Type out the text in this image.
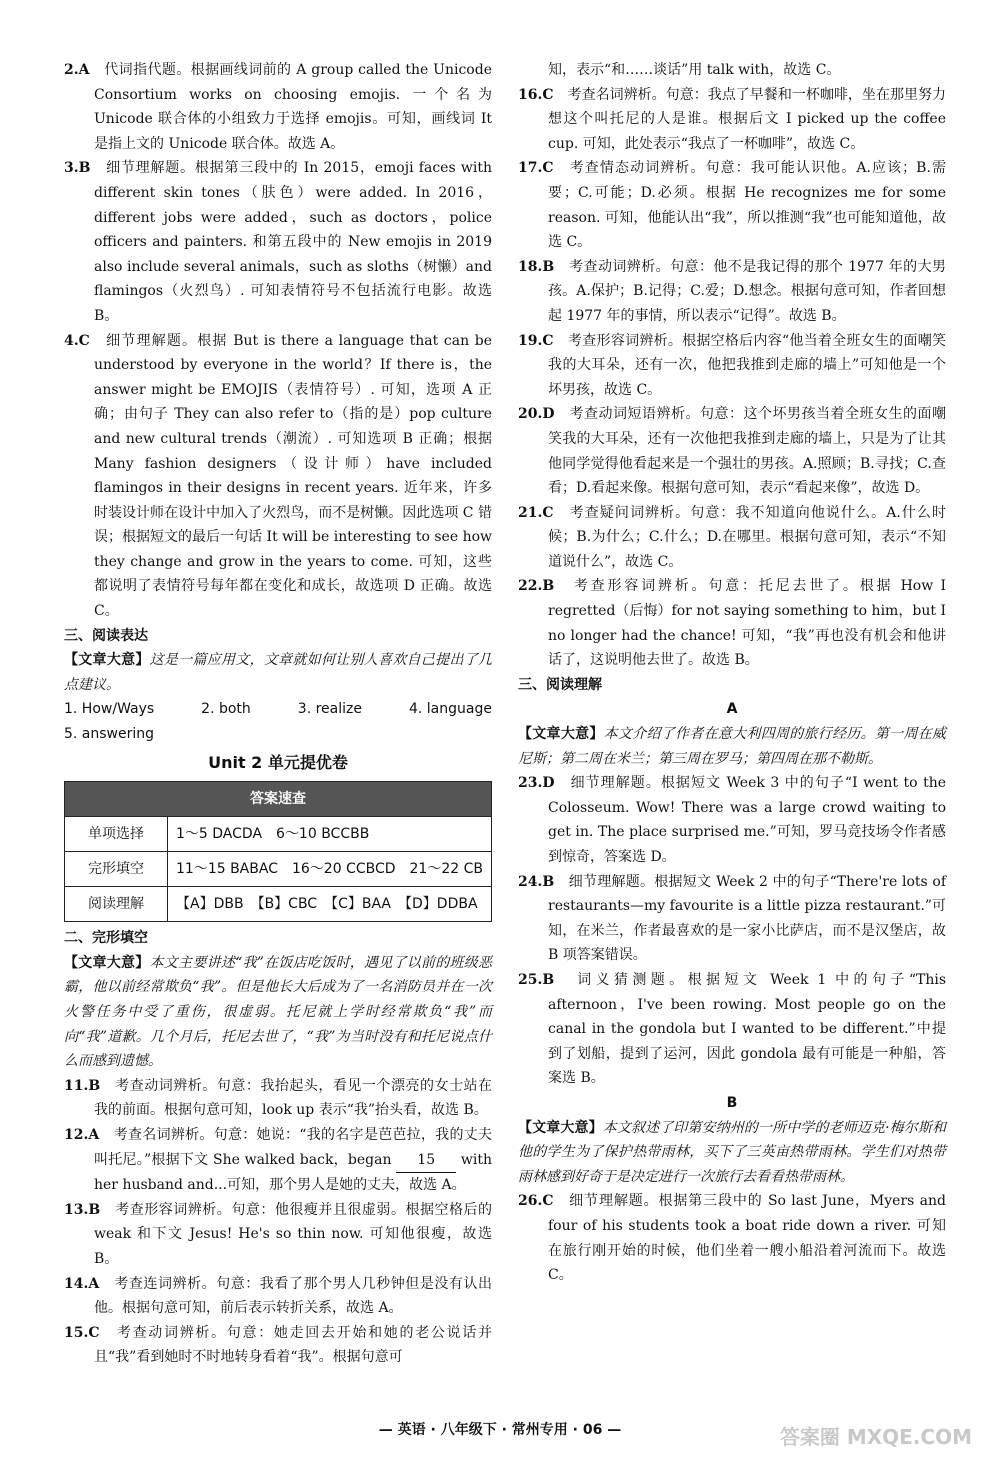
2.A　 代词指代题。根据画线词前的 A group called the Unicode Consortium works on choosing emojis. 一个名为 Unicode 联合体的小组致力于选择 emojis。可知，画线词 It 是指上文的 Unicode 联合体。故选 A。

3.B　 细节理解题。根据第三段中的 In 2015，emoji faces with different skin tones（肤色）were added. In 2016，different jobs were added，such as doctors，police officers and painters. 和第五段中的 New emojis in 2019 also include several animals，such as sloths（树懒）and flamingos（火烈鸟）. 可知表情符号不包括流行电影。故选 B。

4.C　 细节理解题。根据 But is there a language that can be understood by everyone in the world？If there is，the answer might be EMOJIS（表情符号）. 可知，选项 A 正确；由句子 They can also refer to（指的是）pop culture and new cultural trends（潮流）. 可知选项 B 正确；根据 Many fashion designers（设计师）have included flamingos in their designs in recent years. 近年来，许多时装设计师在设计中加入了火烈鸟，而不是树懒。因此选项 C 错误；根据短文的最后一句话 It will be interesting to see how they change and grow in the years to come. 可知，这些都说明了表情符号每年都在变化和成长，故选项 D 正确。故选 C。

三、阅读表达

【文章大意】这是一篇应用文，文章就如何让别人喜欢自己提出了几点建议。

1. How/Ways	2. both	3. realize	4. language

5. answering

Unit 2 单元提优卷
答案速查	
单项选择	1～5 DACDA　6～10 BCCBB
完形填空	11～15 BABAC　16～20 CCBCD　21～22 CB
阅读理解	【A】DBB　【B】CBC　【C】BAA　【D】DDBA

二、完形填空

【文章大意】本文主要讲述“我”在饭店吃饭时，遇见了以前的班级恶霸，他以前经常欺负“我”。但是他长大后成为了一名消防员并在一次火警任务中受了重伤，很虚弱。托尼就上学时经常欺负“我”而向“我”道歉。几个月后，托尼去世了，“我”为当时没有和托尼说点什么而感到遗憾。

11.B　 考查动词辨析。句意：我抬起头，看见一个漂亮的女士站在我的前面。根据句意可知，look up 表示“我”抬头看，故选 B。

12.A　 考查名词辨析。句意：她说：“我的名字是芭芭拉，我的丈夫叫托尼。”根据下文 She walked back，began 15 with her husband and...可知，那个男人是她的丈夫，故选 A。

13.B　 考查形容词辨析。句意：他很瘦并且很虚弱。根据空格后的 weak 和下文 Jesus! He's so thin now. 可知他很瘦，故选 B。

14.A　 考查连词辨析。句意：我看了那个男人几秒钟但是没有认出他。根据句意可知，前后表示转折关系，故选 A。

15.C　 考查动词辨析。句意：她走回去开始和她的老公说话并且“我”看到她时不时地转身看着“我”。根据句意可

知，表示“和……谈话”用 talk with，故选 C。

16.C　 考查名词辨析。句意：我点了早餐和一杯咖啡，坐在那里努力想这个叫托尼的人是谁。根据后文 I picked up the coffee cup. 可知，此处表示“我点了一杯咖啡”，故选 C。

17.C　 考查情态动词辨析。句意：我可能认识他。A.应该；B.需要；C.可能；D.必须。根据 He recognizes me for some reason. 可知，他能认出“我”，所以推测“我”也可能知道他，故选 C。

18.B　 考查动词辨析。句意：他不是我记得的那个 1977 年的大男孩。A.保护；B.记得；C.爱；D.想念。根据句意可知，作者回想起 1977 年的事情，所以表示“记得”。故选 B。

19.C　 考查形容词辨析。根据空格后内容“他当着全班女生的面嘲笑我的大耳朵，还有一次，他把我推到走廊的墙上”可知他是一个坏男孩，故选 C。

20.D　 考查动词短语辨析。句意：这个坏男孩当着全班女生的面嘲笑我的大耳朵，还有一次他把我推到走廊的墙上，只是为了让其他同学觉得他看起来是一个强壮的男孩。A.照顾；B.寻找；C.查看；D.看起来像。根据句意可知，表示“看起来像”，故选 D。

21.C　 考查疑问词辨析。句意：我不知道向他说什么。A.什么时候；B.为什么；C.什么；D.在哪里。根据句意可知，表示“不知道说什么”，故选 C。

22.B　 考查形容词辨析。句意：托尼去世了。根据 How I regretted（后悔）for not saying something to him，but I no longer had the chance! 可知，“我”再也没有机会和他讲话了，这说明他去世了。故选 B。

三、阅读理解

A

【文章大意】本文介绍了作者在意大利四周的旅行经历。第一周在威尼斯；第二周在米兰；第三周在罗马；第四周在那不勒斯。

23.D　 细节理解题。根据短文 Week 3 中的句子“I went to the Colosseum. Wow! There was a large crowd waiting to get in. The place surprised me.”可知，罗马竞技场令作者感到惊奇，答案选 D。

24.B　 细节理解题。根据短文 Week 2 中的句子“There're lots of restaurants—my favourite is a little pizza restaurant.”可知，在米兰，作者最喜欢的是一家小比萨店，而不是汉堡店，故 B 项答案错误。

25.B　 词义猜测题。根据短文 Week 1 中的句子“This afternoon，I've been rowing. Most people go on the canal in the gondola but I wanted to be different.”中提到了划船，提到了运河，因此 gondola 最有可能是一种船，答案选 B。

B

【文章大意】本文叙述了印第安纳州的一所中学的老师迈克·梅尔斯和他的学生为了保护热带雨林，买下了三英亩热带雨林。学生们对热带雨林感到好奇于是决定进行一次旅行去看看热带雨林。

26.C　 细节理解题。根据第三段中的 So last June，Myers and four of his students took a boat ride down a river. 可知在旅行刚开始的时候，他们坐着一艘小船沿着河流而下。故选 C。

— 英语 · 八年级下 · 常州专用 · 06 —	答案圈 MXQE.COM
